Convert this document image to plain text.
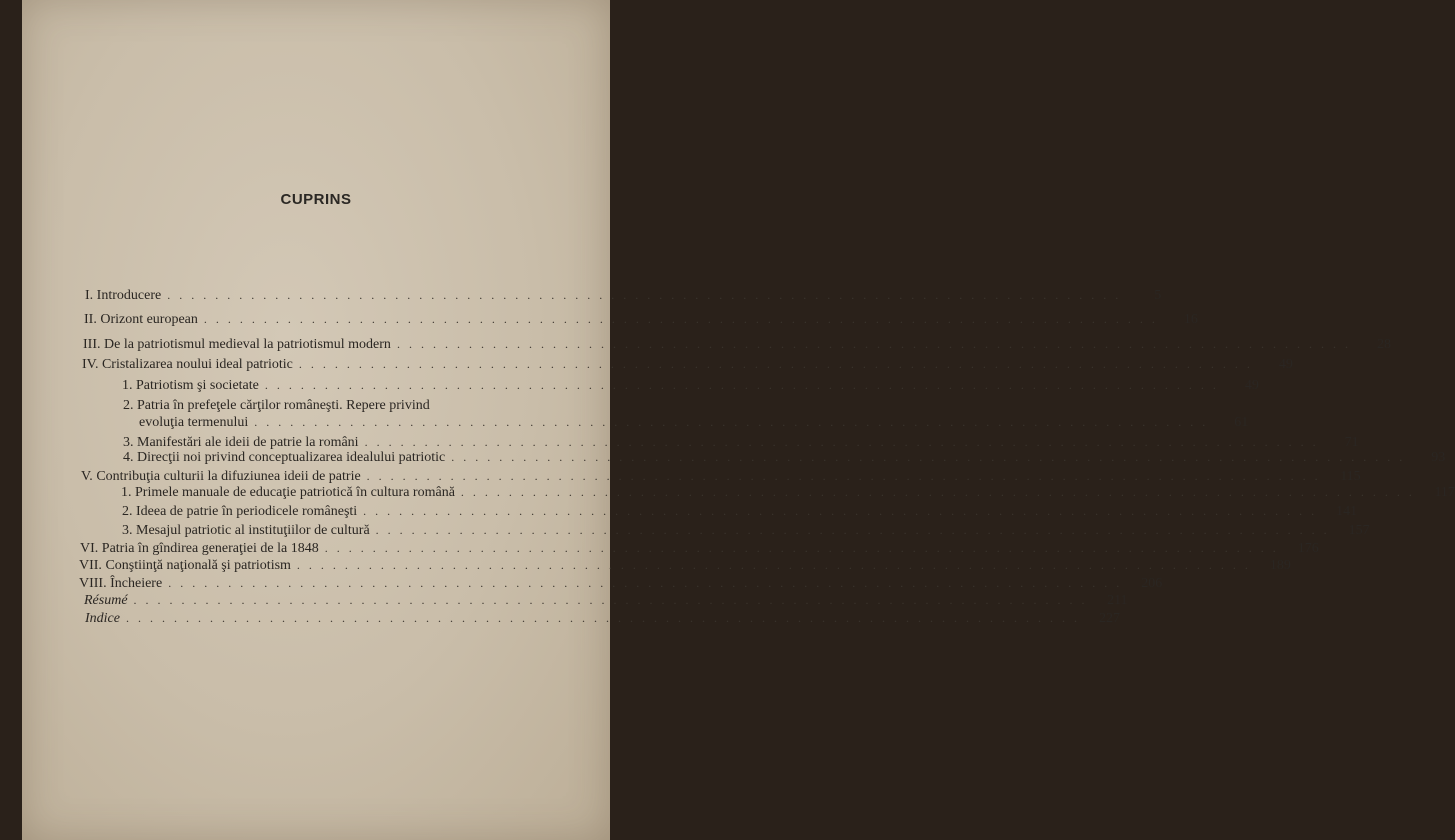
CUPRINS
I.
Introducere ................................................................................	5
II.
Orizont european ................................................................................	16
III.
De la patriotismul medieval la patriotismul modern ................................................................................	28
IV.
Cristalizarea noului ideal patriotic ................................................................................	49
1.
Patriotism şi societate ................................................................................	49
2. Patria în prefeţele cărţilor româneşti. Repere privind
evoluţia termenului ................................................................................	61
3.
Manifestări ale ideii de patrie la români ................................................................................	71
4.
Direcţii noi privind conceptualizarea idealului patriotic ................................................................................	93
V.
Contribuţia culturii la difuziunea ideii de patrie ................................................................................ 115
1.
Primele manuale de educaţie patriotică în cultura română ................................................................................ 117
2.
Ideea de patrie în periodicele româneşti ................................................................................ 141
3.
Mesajul patriotic al instituţiilor de cultură ................................................................................ 157
VI.
Patria în gîndirea generaţiei de la 1848 ................................................................................ 176
VII.
Conştiinţă naţională şi patriotism ................................................................................ 189
VIII.
Încheiere ................................................................................ 206
Résumé ................................................................................ 211
Indice ................................................................................ 227
